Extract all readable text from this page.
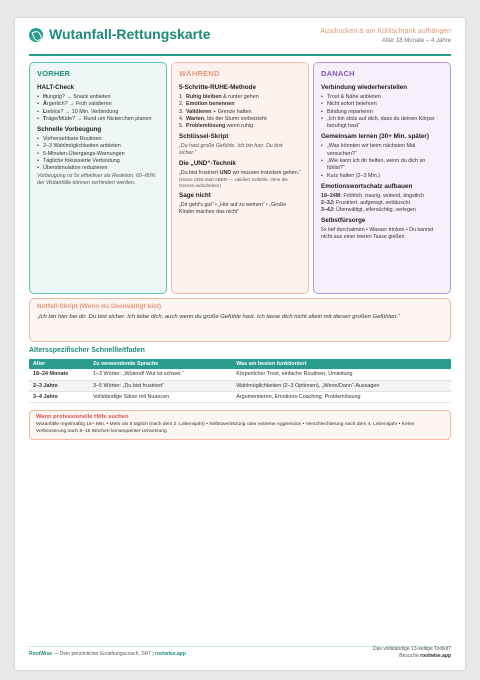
Wutanfall-Rettungskarte	Ausdrucken & am Kühlschrank aufhängen
Alter 18 Monate – 4 Jahre
VORHER
HALT-Check
• Hungrig? → Snack anbieten
• Ärgerlich? → Früh validieren
• Lieblos? → 10 Min. Verbindung
• Träge/Müde? → Rund um Nickerchen planen
Schnelle Vorbeugung
• Vorhersehbare Routinen
• 2–3 Wahlmöglichkeiten anbieten
• 5-Minuten-Übergangs-Warnungen
• Tägliche fokussierte Verbindung
• Überstimulation reduzieren
Vorbeugung ist 5x effektiver als Reaktion. 60–80% der Wutanfälle können verhindert werden.
WÄHREND
5-Schritte-RUHE-Methode
1. Ruhig bleiben & runter gehen
2. Emotion benennen
3. Validieren + Grenze halten
4. Warten, bis der Sturm vorbeizieht
5. Problemlösung wenn ruhig
Schlüssel-Skript
„Du hast große Gefühle. Ich bin hier. Du bist sicher.“
Die „UND“-Technik
„Du bist frustriert UND wir müssen trotzdem gehen.“
(Nutze UND statt ABER — validiert Gefühle, ohne die Grenze aufzuheben)
Sage nicht
„Dir geht's gut“ • „Hör auf zu weinen“ • „Große Kinder machen das nicht“
DANACH
Verbindung wiederherstellen
• Trost & Nähe anbieten
• Nicht sofort belehren
• Bindung reparieren
• „Ich bin stolz auf dich, dass du deinen Körper beruhigt hast“
Gemeinsam lernen (30+ Min. später)
• „Was könnten wir beim nächsten Mal versuchen?“
• „Wie kann ich dir helfen, wenn du dich so fühlst?“
• Kurz halten (2–3 Min.)
Emotionswortschatz aufbauen
18–24M: Fröhlich, traurig, wütend, ängstlich
2–3J: Frustriert, aufgeregt, enttäuscht
3–4J: Überwältigt, eifersüchtig, verlegen
Selbstfürsorge
5x tief durchatmen • Wasser trinken • Du kannst nicht aus einer leeren Tasse gießen
Notfall-Skript (Wenn du überwältigt bist)
„Ich bin hier bei dir. Du bist sicher. Ich liebe dich, auch wenn du große Gefühle hast. Ich lasse dich nicht allein mit diesen großen Gefühlen.“
Altersspezifischer Schnellleitfaden
Alter	Zu verwendende Sprache	Was am besten funktioniert
18–24 Monate	1–3 Wörter: „Wütend! Wut ist schwer.“	Körperlicher Trost, einfache Routinen, Umleitung
2–3 Jahre	3–5 Wörter: „Du bist frustriert“	Wahlmöglichkeiten (2–3 Optionen), „Wenn/Dann“-Aussagen
3–4 Jahre	Vollständige Sätze mit Nuancen	Argumentieren, Emotions-Coaching, Problemlösung
Wann professionelle Hilfe suchen
Wutanfälle regelmäßig 15+ Min. • Mehr als 5 täglich (nach dem 2. Lebensjahr) • Selbstverletzung oder extreme Aggression • Verschlechterung nach dem 4. Lebensjahr • Keine Verbesserung nach 8–16 Wochen konsequenter Umsetzung
RootWise — Dein persönlicher Erziehungscoach, 24/7 | rootwise.app
Das vollständige 13-seitige Toolkit?
Besuche rootwise.app
